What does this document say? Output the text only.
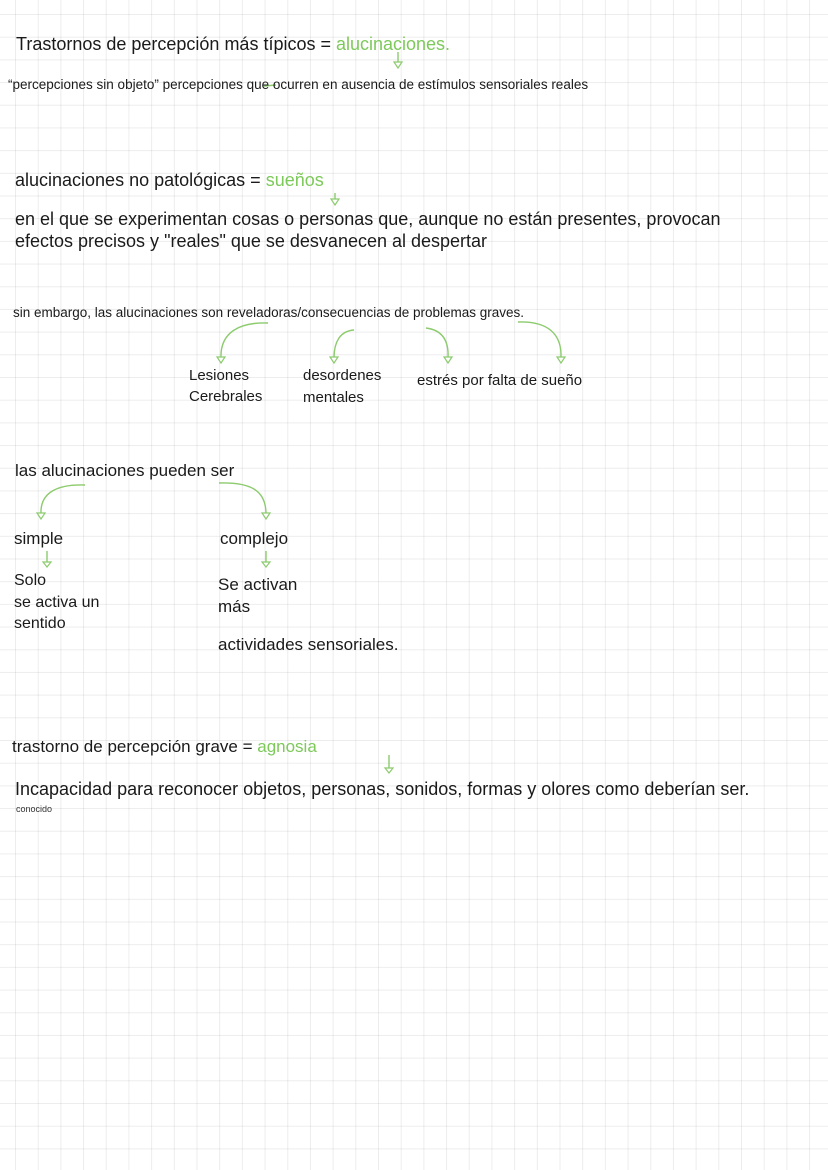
Trastornos de percepción más típicos = alucinaciones.
“percepciones sin objeto” percepciones que ocurren en ausencia de estímulos sensoriales reales
alucinaciones no patológicas = sueños
en el que se experimentan cosas o personas que, aunque no están presentes, provocan
efectos precisos y "reales" que se desvanecen al despertar
sin embargo, las alucinaciones son reveladoras/consecuencias de problemas graves.
Lesiones
Cerebrales
desordenes
mentales
estrés por falta de sueño
las alucinaciones pueden ser
simple
Solo
se activa un
sentido
complejo
Se activan
más
actividades sensoriales.
trastorno de percepción grave = agnosia
Incapacidad para reconocer objetos, personas, sonidos, formas y olores como deberían ser.
conocido
